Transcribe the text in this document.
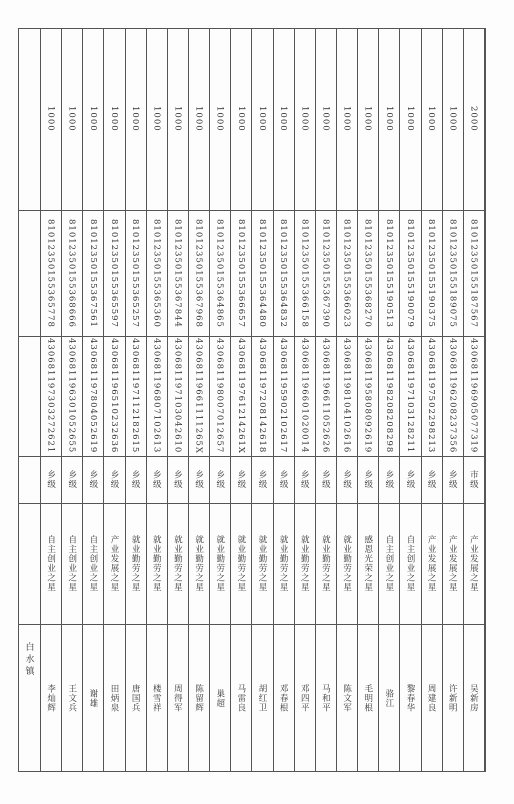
白水镇
1000
81012350155365778
430681197303272621
乡级
自主创业之星
李灿辉
1000
81012350155368666
430681196301052655
乡级
自主创业之星
王文兵
1000
81012350155367561
430681197804052619
乡级
自主创业之星
谢雄
1000
81012350155365597
430681196510232636
乡级
产业发展之星
田炳泉
1000
81012350155365257
430681197112182615
乡级
就业勤劳之星
唐国兵
1000
81012350155365360
430681196807102613
乡级
就业勤劳之星
楼雪祥
1000
81012350155367844
430681197103042610
乡级
就业勤劳之星
周得军
1000
81012350155367968
43068119661111265X
乡级
就业勤劳之星
陈留辉
1000
81012350155364865
430681198007012657
乡级
就业勤劳之星
巢超
1000
81012350155366657
43068119761214261X
乡级
就业勤劳之星
马雷良
1000
81012350155364480
430681197208142618
乡级
就业勤劳之星
胡红卫
1000
81012350155364832
430681195902102617
乡级
就业勤劳之星
邓春根
1000
81012350155366158
430681196601020014
乡级
就业勤劳之星
邓四平
1000
81012350155367390
430681196611052626
乡级
就业勤劳之星
马和平
1000
81012350155366023
430681198104102616
乡级
就业勤劳之星
陈文军
1000
81012350155368270
430681195808092619
乡级
感恩光荣之星
毛明根
1000
81012350155190513
430681198208208298
乡级
自主创业之星
骆江
1000
81012350155190079
430681197103128211
乡级
自主创业之星
黎春华
1000
81012350155190375
430681197502298213
乡级
产业发展之星
周建良
1000
81012350155189075
430681196208237356
乡级
产业发展之星
许新明
2000
81012350155187567
430681196905077319
市级
产业发展之星
吴新房
